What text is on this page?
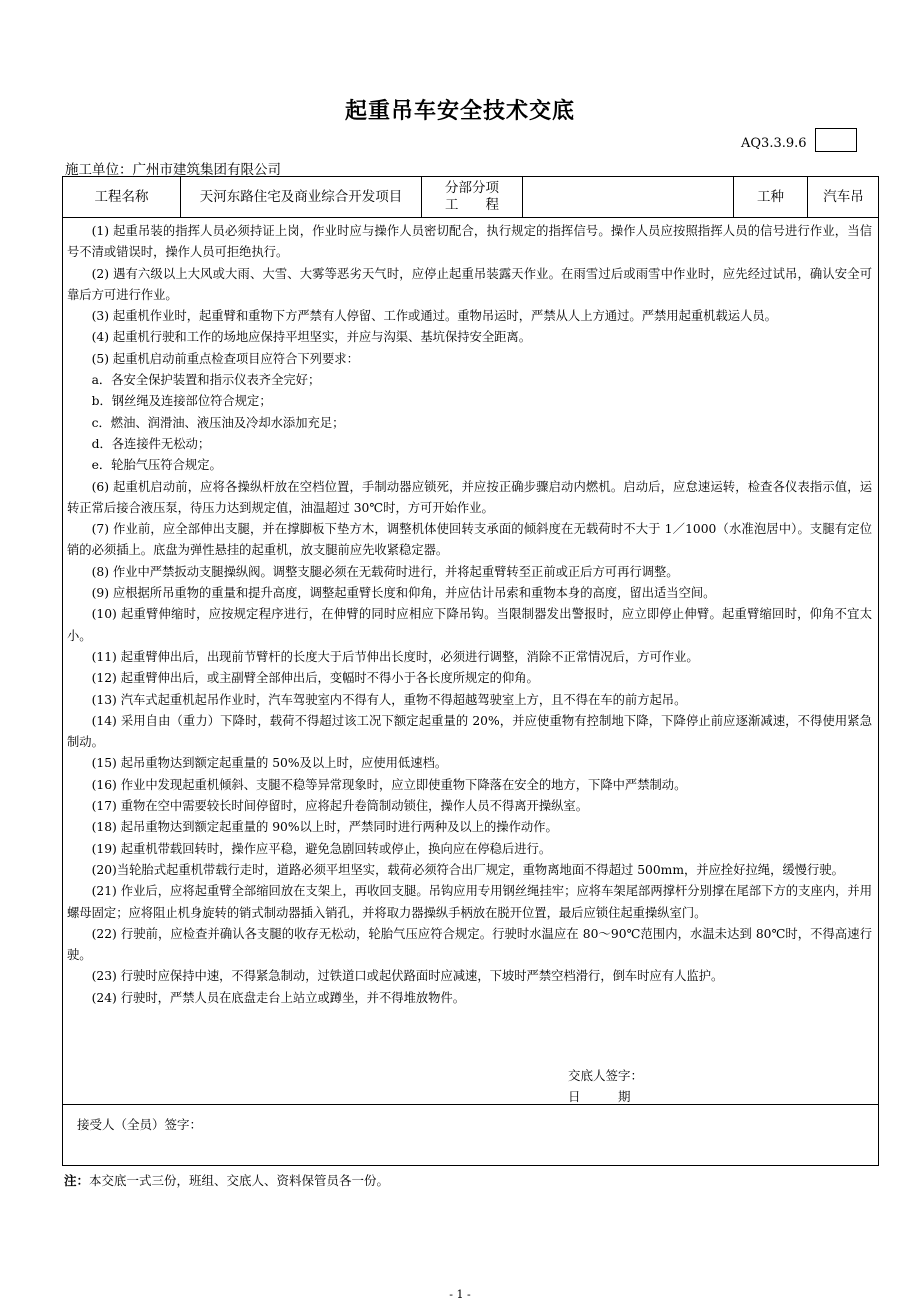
起重吊车安全技术交底
AQ3.3.9.6
施工单位：广州市建筑集团有限公司
工程名称	天河东路住宅及商业综合开发项目
分部分项工　　程
工种	汽车吊

(1) 起重吊装的指挥人员必须持证上岗，作业时应与操作人员密切配合，执行规定的指挥信号。操作人员应按照指挥人员的信号进行作业，当信号不清或错误时，操作人员可拒绝执行。

(2) 遇有六级以上大风或大雨、大雪、大雾等恶劣天气时，应停止起重吊装露天作业。在雨雪过后或雨雪中作业时，应先经过试吊，确认安全可靠后方可进行作业。

(3) 起重机作业时，起重臂和重物下方严禁有人停留、工作或通过。重物吊运时，严禁从人上方通过。严禁用起重机载运人员。

(4) 起重机行驶和工作的场地应保持平坦坚实，并应与沟渠、基坑保持安全距离。

(5) 起重机启动前重点检查项目应符合下列要求：

a．各安全保护装置和指示仪表齐全完好；

b．钢丝绳及连接部位符合规定；

c．燃油、润滑油、液压油及冷却水添加充足；

d．各连接件无松动；

e．轮胎气压符合规定。

(6) 起重机启动前，应将各操纵杆放在空档位置，手制动器应锁死，并应按正确步骤启动内燃机。启动后，应怠速运转，检查各仪表指示值，运转正常后接合液压泵，待压力达到规定值，油温超过 30℃时，方可开始作业。

(7) 作业前，应全部伸出支腿，并在撑脚板下垫方木，调整机体使回转支承面的倾斜度在无载荷时不大于 1／1000（水准泡居中）。支腿有定位销的必须插上。底盘为弹性悬挂的起重机，放支腿前应先收紧稳定器。

(8) 作业中严禁扳动支腿操纵阀。调整支腿必须在无载荷时进行，并将起重臂转至正前或正后方可再行调整。

(9) 应根据所吊重物的重量和提升高度，调整起重臂长度和仰角，并应估计吊索和重物本身的高度，留出适当空间。

(10) 起重臂伸缩时，应按规定程序进行，在伸臂的同时应相应下降吊钩。当限制器发出警报时，应立即停止伸臂。起重臂缩回时，仰角不宜太小。

(11) 起重臂伸出后，出现前节臂杆的长度大于后节伸出长度时，必须进行调整，消除不正常情况后，方可作业。

(12) 起重臂伸出后，或主副臂全部伸出后，变幅时不得小于各长度所规定的仰角。

(13) 汽车式起重机起吊作业时，汽车驾驶室内不得有人，重物不得超越驾驶室上方，且不得在车的前方起吊。

(14) 采用自由（重力）下降时，载荷不得超过该工况下额定起重量的 20%，并应使重物有控制地下降，下降停止前应逐渐减速，不得使用紧急制动。

(15) 起吊重物达到额定起重量的 50%及以上时，应使用低速档。

(16) 作业中发现起重机倾斜、支腿不稳等异常现象时，应立即使重物下降落在安全的地方，下降中严禁制动。

(17) 重物在空中需要较长时间停留时，应将起升卷筒制动锁住，操作人员不得离开操纵室。

(18) 起吊重物达到额定起重量的 90%以上时，严禁同时进行两种及以上的操作动作。

(19) 起重机带载回转时，操作应平稳，避免急剧回转或停止，换向应在停稳后进行。

(20)当轮胎式起重机带载行走时，道路必须平坦坚实，载荷必须符合出厂规定，重物离地面不得超过 500mm，并应拴好拉绳，缓慢行驶。

(21) 作业后，应将起重臂全部缩回放在支架上，再收回支腿。吊钩应用专用钢丝绳挂牢；应将车架尾部两撑杆分别撑在尾部下方的支座内，并用螺母固定；应将阻止机身旋转的销式制动器插入销孔，并将取力器操纵手柄放在脱开位置，最后应锁住起重操纵室门。

(22) 行驶前，应检查并确认各支腿的收存无松动，轮胎气压应符合规定。行驶时水温应在 80～90℃范围内，水温未达到 80℃时，不得高速行驶。

(23) 行驶时应保持中速，不得紧急制动，过铁道口或起伏路面时应减速，下坡时严禁空档滑行，倒车时应有人监护。

(24) 行驶时，严禁人员在底盘走台上站立或蹲坐，并不得堆放物件。

交底人签字：
日　　　期
接受人（全员）签字：
注：本交底一式三份，班组、交底人、资料保管员各一份。
- 1 -
